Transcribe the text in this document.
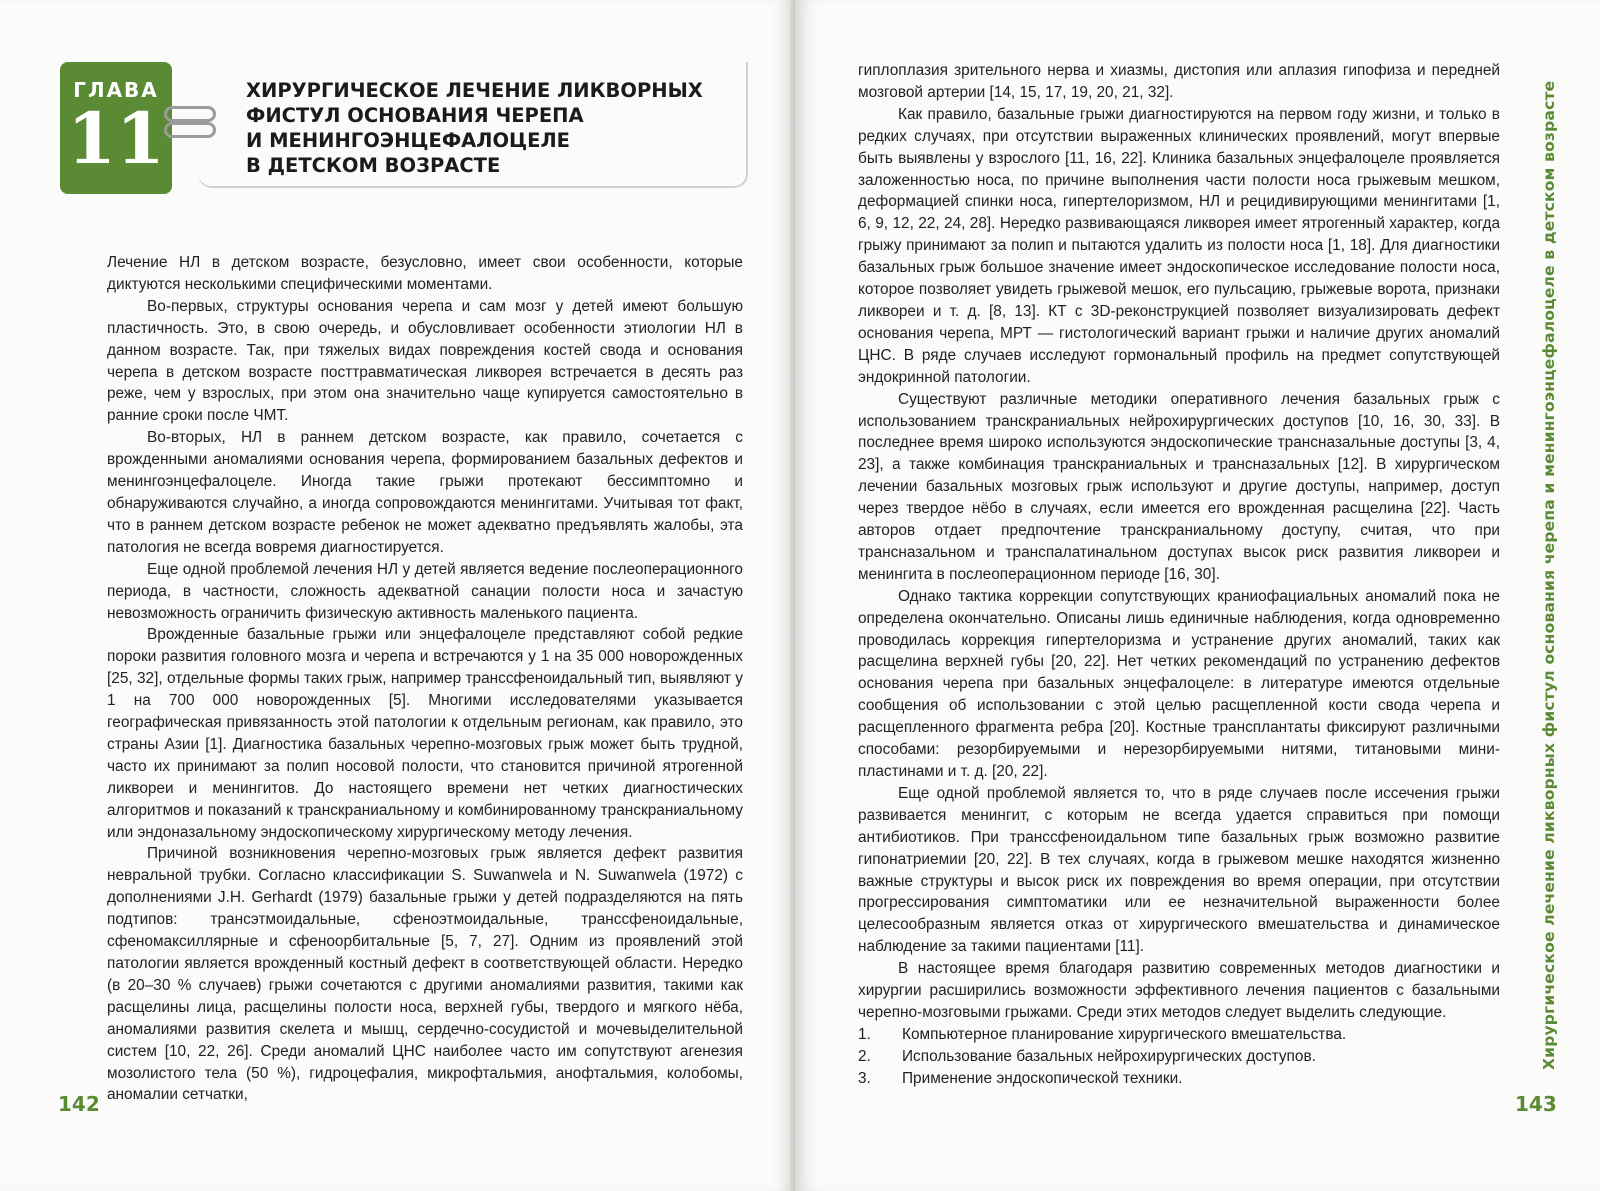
ГЛАВА
11
ХИРУРГИЧЕСКОЕ ЛЕЧЕНИЕ ЛИКВОРНЫХ
ФИСТУЛ ОСНОВАНИЯ ЧЕРЕПА
И МЕНИНГОЭНЦЕФАЛОЦЕЛЕ
В ДЕТСКОМ ВОЗРАСТЕ

Лечение НЛ в детском возрасте, безусловно, имеет свои особенности, которые диктуются несколькими специфическими моментами.

Во-первых, структуры основания черепа и сам мозг у детей имеют большую пластичность. Это, в свою очередь, и обусловливает особенности этиологии НЛ в данном возрасте. Так, при тяжелых видах повреждения костей свода и основания черепа в детском возрасте посттравматическая ликворея встречается в десять раз реже, чем у взрослых, при этом она значительно чаще купируется самостоятельно в ранние сроки после ЧМТ.

Во-вторых, НЛ в раннем детском возрасте, как правило, сочетается с врожденными аномалиями основания черепа, формированием базальных дефектов и менингоэнцефалоцеле. Иногда такие грыжи протекают бессимптомно и обнаруживаются случайно, а иногда сопровождаются менингитами. Учитывая тот факт, что в раннем детском возрасте ребенок не может адекватно предъявлять жалобы, эта патология не всегда вовремя диагностируется.

Еще одной проблемой лечения НЛ у детей является ведение послеоперационного периода, в частности, сложность адекватной санации полости носа и зачастую невозможность ограничить физическую активность маленького пациента.

Врожденные базальные грыжи или энцефалоцеле представляют собой редкие пороки развития головного мозга и черепа и встречаются у 1 на 35 000 новорожденных [25, 32], отдельные формы таких грыж, например трансcфеноидальный тип, выявляют у 1 на 700 000 новорожденных [5]. Многими исследователями указывается географическая привязанность этой патологии к отдельным регионам, как правило, это страны Азии [1]. Диагностика базальных черепно-мозговых грыж может быть трудной, часто их принимают за полип носовой полости, что становится причиной ятрогенной ликвореи и менингитов. До настоящего времени нет четких диагностических алгоритмов и показаний к транскраниальному и комбинированному транскраниальному или эндоназальному эндоскопическому хирургическому методу лечения.

Причиной возникновения черепно-мозговых грыж является дефект развития невральной трубки. Согласно классификации S. Suwanwela и N. Suwanwela (1972) с дополнениями J.H. Gerhardt (1979) базальные грыжи у детей подразделяются на пять подтипов: трансэтмоидальные, сфеноэтмоидальные, трансcфеноидальные, сфеномаксиллярные и сфеноорбитальные [5, 7, 27]. Одним из проявлений этой патологии является врожденный костный дефект в соответствующей области. Нередко (в 20–30 % случаев) грыжи сочетаются с другими аномалиями развития, такими как расщелины лица, расщелины полости носа, верхней губы, твердого и мягкого нёба, аномалиями развития скелета и мышц, сердечно-сосудистой и мочевыделительной систем [10, 22, 26]. Среди аномалий ЦНС наиболее часто им сопутствуют агенезия мозолистого тела (50 %), гидроцефалия, микрофтальмия, анофтальмия, колобомы, аномалии сетчатки,

142

гиплоплазия зрительного нерва и хиазмы, дистопия или аплазия гипофиза и передней мозговой артерии [14, 15, 17, 19, 20, 21, 32].

Как правило, базальные грыжи диагностируются на первом году жизни, и только в редких случаях, при отсутствии выраженных клинических проявлений, могут впервые быть выявлены у взрослого [11, 16, 22]. Клиника базальных энцефалоцеле проявляется заложенностью носа, по причине выполнения части полости носа грыжевым мешком, деформацией спинки носа, гипертелоризмом, НЛ и рецидивирующими менингитами [1, 6, 9, 12, 22, 24, 28]. Нередко развивающаяся ликворея имеет ятрогенный характер, когда грыжу принимают за полип и пытаются удалить из полости носа [1, 18]. Для диагностики базальных грыж большое значение имеет эндоскопическое исследование полости носа, которое позволяет увидеть грыжевой мешок, его пульсацию, грыжевые ворота, признаки ликвореи и т. д. [8, 13]. КТ с 3D-реконструкцией позволяет визуализировать дефект основания черепа, МРТ — гистологический вариант грыжи и наличие других аномалий ЦНС. В ряде случаев исследуют гормональный профиль на предмет сопутствующей эндокринной патологии.

Существуют различные методики оперативного лечения базальных грыж с использованием транскраниальных нейрохирургических доступов [10, 16, 30, 33]. В последнее время широко используются эндоскопические трансназальные доступы [3, 4, 23], а также комбинация транскраниальных и трансназальных [12]. В хирургическом лечении базальных мозговых грыж используют и другие доступы, например, доступ через твердое нёбо в случаях, если имеется его врожденная расщелина [22]. Часть авторов отдает предпочтение транскраниальному доступу, считая, что при трансназальном и транспалатинальном доступах высок риск развития ликвореи и менингита в послеоперационном периоде [16, 30].

Однако тактика коррекции сопутствующих краниофациальных аномалий пока не определена окончательно. Описаны лишь единичные наблюдения, когда одновременно проводилась коррекция гипертелоризма и устранение других аномалий, таких как расщелина верхней губы [20, 22]. Нет четких рекомендаций по устранению дефектов основания черепа при базальных энцефалоцеле: в литературе имеются отдельные сообщения об использовании с этой целью расщепленной кости свода черепа и расщепленного фрагмента ребра [20]. Костные трансплантаты фиксируют различными способами: резорбируемыми и нерезорбируемыми нитями, титановыми мини-пластинами и т. д. [20, 22].

Еще одной проблемой является то, что в ряде случаев после иссечения грыжи развивается менингит, с которым не всегда удается справиться при помощи антибиотиков. При трансcфеноидальном типе базальных грыж возможно развитие гипонатриемии [20, 22]. В тех случаях, когда в грыжевом мешке находятся жизненно важные структуры и высок риск их повреждения во время операции, при отсутствии прогрессирования симптоматики или ее незначительной выраженности более целесообразным является отказ от хирургического вмешательства и динамическое наблюдение за такими пациентами [11].

В настоящее время благодаря развитию современных методов диагностики и хирургии расширились возможности эффективного лечения пациентов с базальными черепно-мозговыми грыжами. Среди этих методов следует выделить следующие.

1.	Компьютерное планирование хирургического вмешательства.
2.	Использование базальных нейрохирургических доступов.
3.	Применение эндоскопической техники.
Хирургическое лечение ликворных фистул основания черепа и менингоэнцефалоцеле в детском возрасте
143
